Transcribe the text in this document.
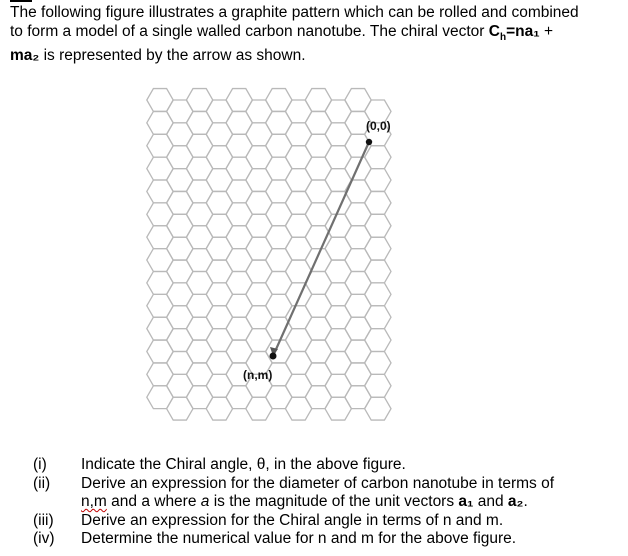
The following figure illustrates a graphite pattern which can be rolled and combined
to form a model of a single walled carbon nanotube. The chiral vector $C_h=na_1$ +
ma₂ is represented by the arrow as shown.
(0,0)
(n,m)
(i)	Indicate the Chiral angle, θ, in the above figure.
(ii)	Derive an expression for the diameter of carbon nanotube in terms of
n,m and a where a is the magnitude of the unit vectors a₁ and a₂.
(iii)	Derive an expression for the Chiral angle in terms of n and m.
(iv)	Determine the numerical value for n and m for the above figure.
